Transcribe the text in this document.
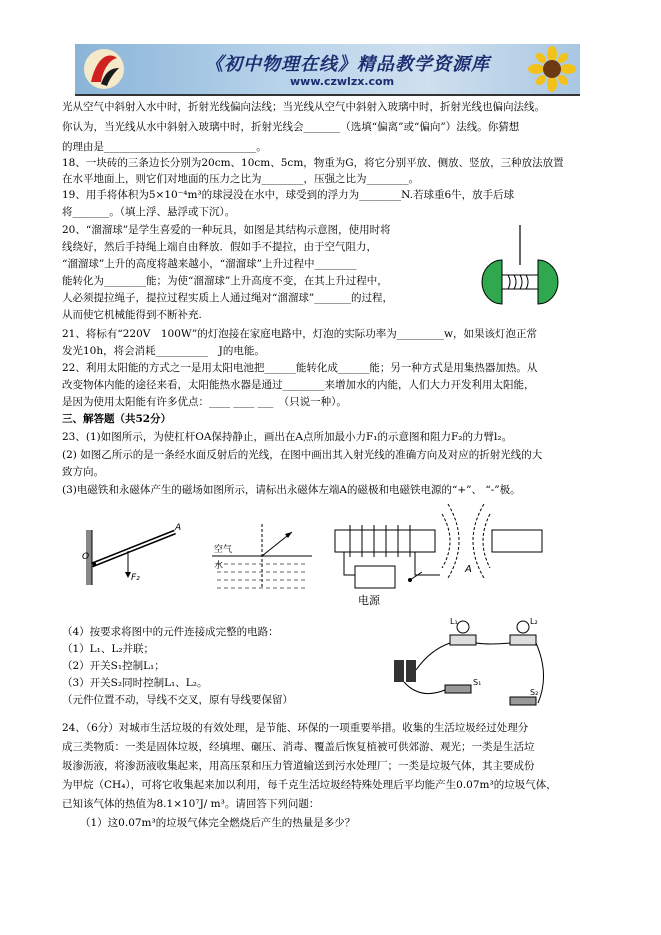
《初中物理在线》精品教学资源库
www.czwlzx.com
光从空气中斜射入水中时，折射光线偏向法线；当光线从空气中斜射入玻璃中时，折射光线也偏向法线。
你认为，当光线从水中斜射入玻璃中时，折射光线会_______（选填“偏离”或“偏向”）法线。你猜想
的理由是_____________________________。
18、一块砖的三条边长分别为20cm、10cm、5cm，物重为G，将它分别平放、侧放、竖放，三种放法放置
在水平地面上，则它们对地面的压力之比为________，压强之比为________。
19、用手将体积为5×10⁻⁴m³的球浸没在水中，球受到的浮力为________N.若球重6牛，放手后球
将_______。（填上浮、悬浮或下沉）。
20、“溜溜球”是学生喜爱的一种玩具，如图是其结构示意图，使用时将
线绕好，然后手持绳上端自由释放．假如手不提拉，由于空气阻力，
“溜溜球”上升的高度将越来越小，“溜溜球”上升过程中________
能转化为________能；为使“溜溜球”上升高度不变，在其上升过程中，
人必须提拉绳子，提拉过程实质上人通过绳对“溜溜球”_______的过程，
从而使它机械能得到不断补充.
21、将标有“220V　100W”的灯泡接在家庭电路中，灯泡的实际功率为_________w，如果该灯泡正常
发光10h，将会消耗__________　J的电能。
22、利用太阳能的方式之一是用太阳电池把______能转化成______能；另一种方式是用集热器加热。从
改变物体内能的途径来看，太阳能热水器是通过________来增加水的内能，人们大力开发利用太阳能，
是因为使用太阳能有许多优点：____ ____ ___　（只说一种）。
三、解答题（共52分）
23、(1)如图所示，为使杠杆OA保持静止，画出在A点所加最小力F₁的示意图和阻力F₂的力臂l₂。
(2) 如图乙所示的是一条经水面反射后的光线，在图中画出其入射光线的准确方向及对应的折射光线的大
致方向。
(3)电磁铁和永磁体产生的磁场如图所示，请标出永磁体左端A的磁极和电磁铁电源的“+”、 “-”极。
（4）按要求将图中的元件连接成完整的电路：
（1）L₁、L₂并联；
（2）开关S₁控制L₁；
（3）开关S₂同时控制L₁、L₂。
（元件位置不动，导线不交叉，原有导线要保留）
24、（6分）对城市生活垃圾的有效处理，是节能、环保的一项重要举措。收集的生活垃圾经过处理分
成三类物质：一类是固体垃圾，经填埋、碾压、消毒、覆盖后恢复植被可供郊游、观光；一类是生活垃
圾渗沥液，将渗沥液收集起来，用高压泵和压力管道输送到污水处理厂；一类是垃圾气体，其主要成份
为甲烷（CH₄），可将它收集起来加以利用，每千克生活垃圾经特殊处理后平均能产生0.07m³的垃圾气体，
已知该气体的热值为8.1×10⁷J/ m³。请回答下列问题：
（1）这0.07m³的垃圾气体完全燃烧后产生的热量是多少？
O
A
F₂
空气
水	A
电源
L₁	L₂
S₁
S₂
